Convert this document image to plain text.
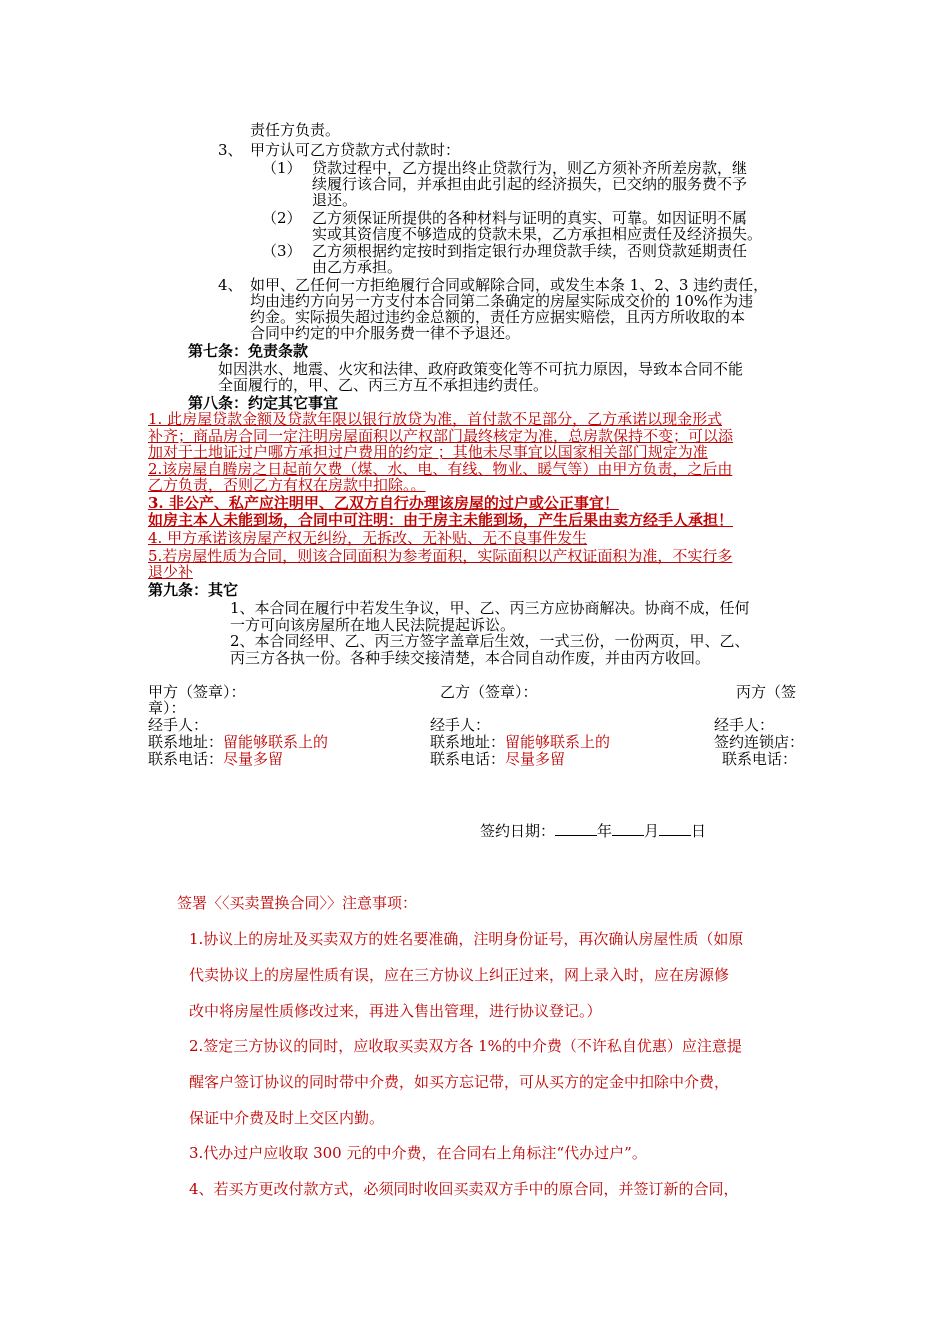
责任方负责。
3、 甲方认可乙方贷款方式付款时：
（1） 贷款过程中，乙方提出终止贷款行为，则乙方须补齐所差房款，继
续履行该合同，并承担由此引起的经济损失，已交纳的服务费不予
退还。
（2） 乙方须保证所提供的各种材料与证明的真实、可靠。如因证明不属
实或其资信度不够造成的贷款未果，乙方承担相应责任及经济损失。
（3） 乙方须根据约定按时到指定银行办理贷款手续，否则贷款延期责任
由乙方承担。
4、 如甲、乙任何一方拒绝履行合同或解除合同，或发生本条 1、2、3 违约责任，
均由违约方向另一方支付本合同第二条确定的房屋实际成交价的 10%作为违
约金。实际损失超过违约金总额的，责任方应据实赔偿，且丙方所收取的本
合同中约定的中介服务费一律不予退还。
第七条：免责条款
如因洪水、地震、火灾和法律、政府政策变化等不可抗力原因，导致本合同不能
全面履行的，甲、乙、丙三方互不承担违约责任。
第八条：约定其它事宜
1. 此房屋贷款金额及贷款年限以银行放贷为准，首付款不足部分，乙方承诺以现金形式
补齐；商品房合同一定注明房屋面积以产权部门最终核定为准，总房款保持不变；可以添
加对于土地证过户哪方承担过户费用的约定 ；其他未尽事宜以国家相关部门规定为准
2.该房屋自腾房之日起前欠费（煤、水、电、有线、物业、暖气等）由甲方负责，之后由
乙方负责，否则乙方有权在房款中扣除。。
3. 非公产、私产应注明甲、乙双方自行办理该房屋的过户或公正事宜！
如房主本人未能到场，合同中可注明：由于房主未能到场，产生后果由卖方经手人承担！
4. 甲方承诺该房屋产权无纠纷，无拆改、无补贴、无不良事件发生
5.若房屋性质为合同，则该合同面积为参考面积，实际面积以产权证面积为准，不实行多
退少补
第九条：其它
1、本合同在履行中若发生争议，甲、乙、丙三方应协商解决。协商不成，任何
一方可向该房屋所在地人民法院提起诉讼。
2、本合同经甲、乙、丙三方签字盖章后生效，一式三份，一份两页，甲、乙、
丙三方各执一份。各种手续交接清楚，本合同自动作废，并由丙方收回。
甲方（签章）：	乙方（签章）：	丙方（签
章）：
经手人：	经手人：	经手人：
联系地址：留能够联系上的	联系地址：留能够联系上的	签约连锁店：
联系电话：尽量多留	联系电话：尽量多留	联系电话：
签约日期：	年 月 日
签署〈〈买卖置换合同〉〉注意事项：
1.协议上的房址及买卖双方的姓名要准确，注明身份证号，再次确认房屋性质（如原
代卖协议上的房屋性质有误，应在三方协议上纠正过来，网上录入时，应在房源修
改中将房屋性质修改过来，再进入售出管理，进行协议登记。）
2.签定三方协议的同时，应收取买卖双方各 1%的中介费（不许私自优惠）应注意提
醒客户签订协议的同时带中介费，如买方忘记带，可从买方的定金中扣除中介费，
保证中介费及时上交区内勤。
3.代办过户应收取 300 元的中介费，在合同右上角标注“代办过户”。
4、若买方更改付款方式，必须同时收回买卖双方手中的原合同，并签订新的合同，
